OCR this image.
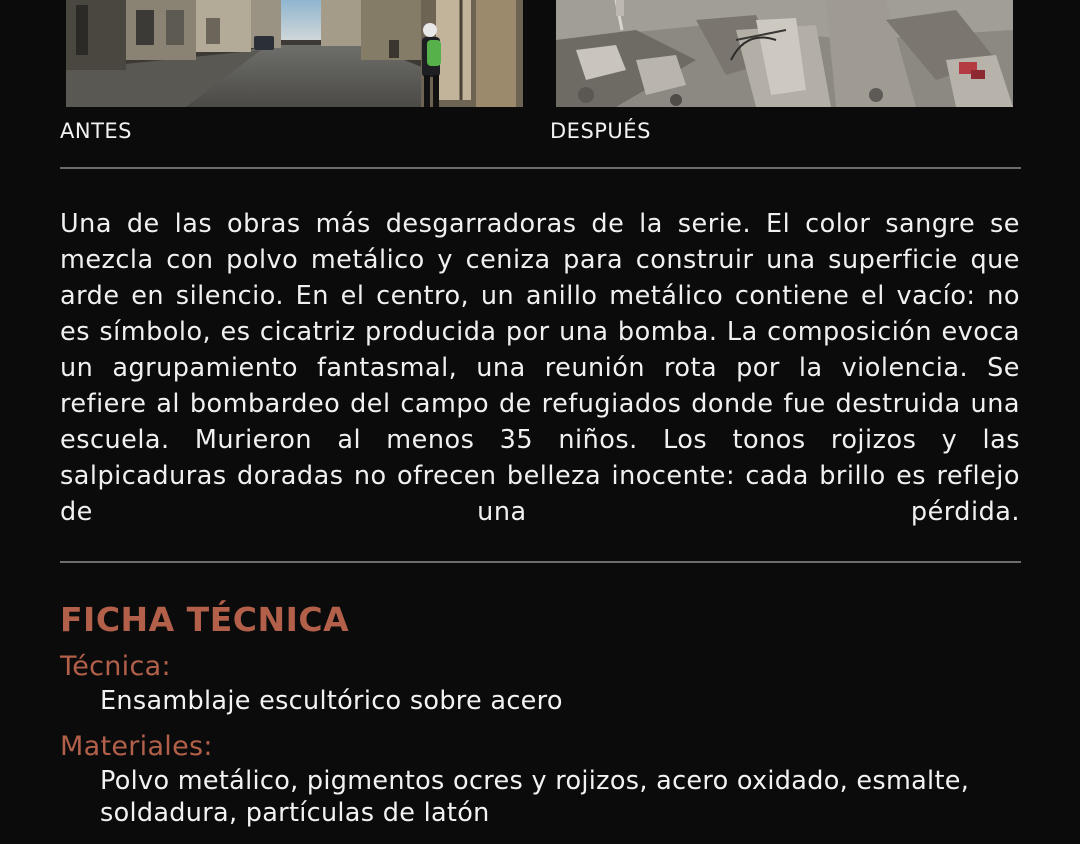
ANTES	DESPUÉS

Una de las obras más desgarradoras de la serie. El color sangre se mezcla con polvo metálico y ceniza para construir una superficie que arde en silencio. En el centro, un anillo metálico contiene el vacío: no es símbolo, es cicatriz producida por una bomba. La composición evoca un agrupamiento fantasmal, una reunión rota por la violencia. Se refiere al bombardeo del campo de refugiados donde fue destruida una escuela. Murieron al menos 35 niños. Los tonos rojizos y las salpicaduras doradas no ofrecen belleza inocente: cada brillo es reflejo de una pérdida.

FICHA TÉCNICA
Técnica:
Ensamblaje escultórico sobre acero
Materiales:
Polvo metálico, pigmentos ocres y rojizos, acero oxidado, esmalte, soldadura, partículas de latón
